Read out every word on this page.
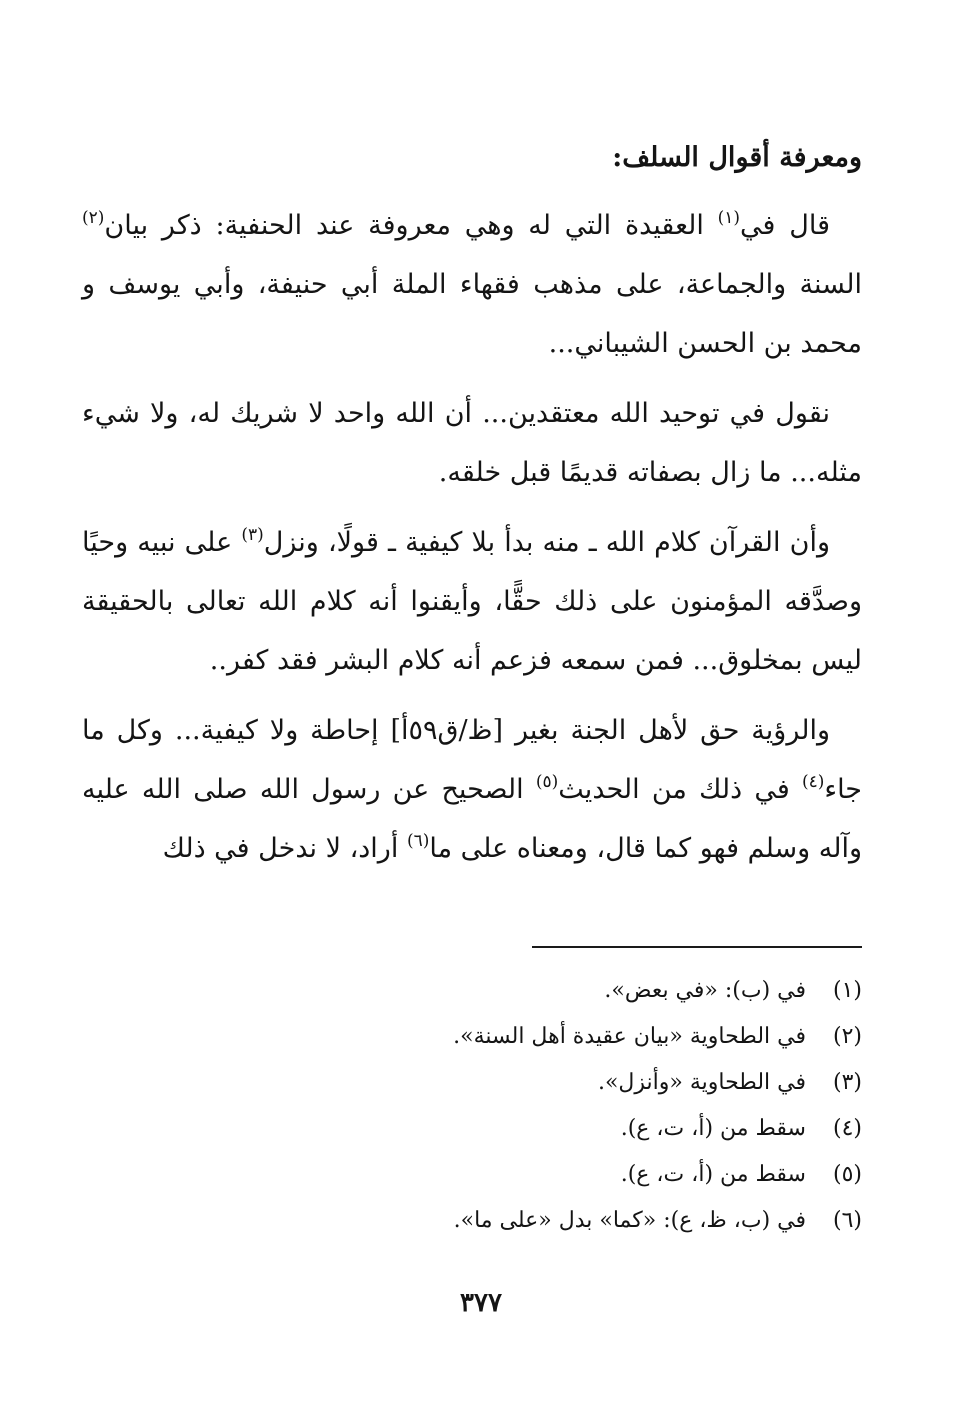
ومعرفة أقوال السلف:

قال في$^{(١)}$ العقيدة التي له وهي معروفة عند الحنفية: ذكر بيان$^{(٢)}$ السنة والجماعة، على مذهب فقهاء الملة أبي حنيفة، وأبي يوسف و محمد بن الحسن الشيباني...

نقول في توحيد الله معتقدين... أن الله واحد لا شريك له، ولا شيء مثله... ما زال بصفاته قديمًا قبل خلقه.

وأن القرآن كلام الله ـ منه بدأ بلا كيفية ـ قولًا، ونزل$^{(٣)}$ على نبيه وحيًا وصدَّقه المؤمنون على ذلك حقًّا، وأيقنوا أنه كلام الله تعالى بالحقيقة ليس بمخلوق... فمن سمعه فزعم أنه كلام البشر فقد كفر..

والرؤية حق لأهل الجنة بغير [ظ/ق٥٩أ] إحاطة ولا كيفية... وكل ما جاء$^{(٤)}$ في ذلك من الحديث$^{(٥)}$ الصحيح عن رسول الله صلى الله عليه وآله وسلم فهو كما قال، ومعناه على ما$^{(٦)}$ أراد، لا ندخل في ذلك

(١)في (ب): «في بعض».
(٢)في الطحاوية «بيان عقيدة أهل السنة».
(٣)في الطحاوية «وأنزل».
(٤)سقط من (أ، ت، ع).
(٥)سقط من (أ، ت، ع).
(٦)في (ب، ظ، ع): «كما» بدل «على ما».
٣٧٧
